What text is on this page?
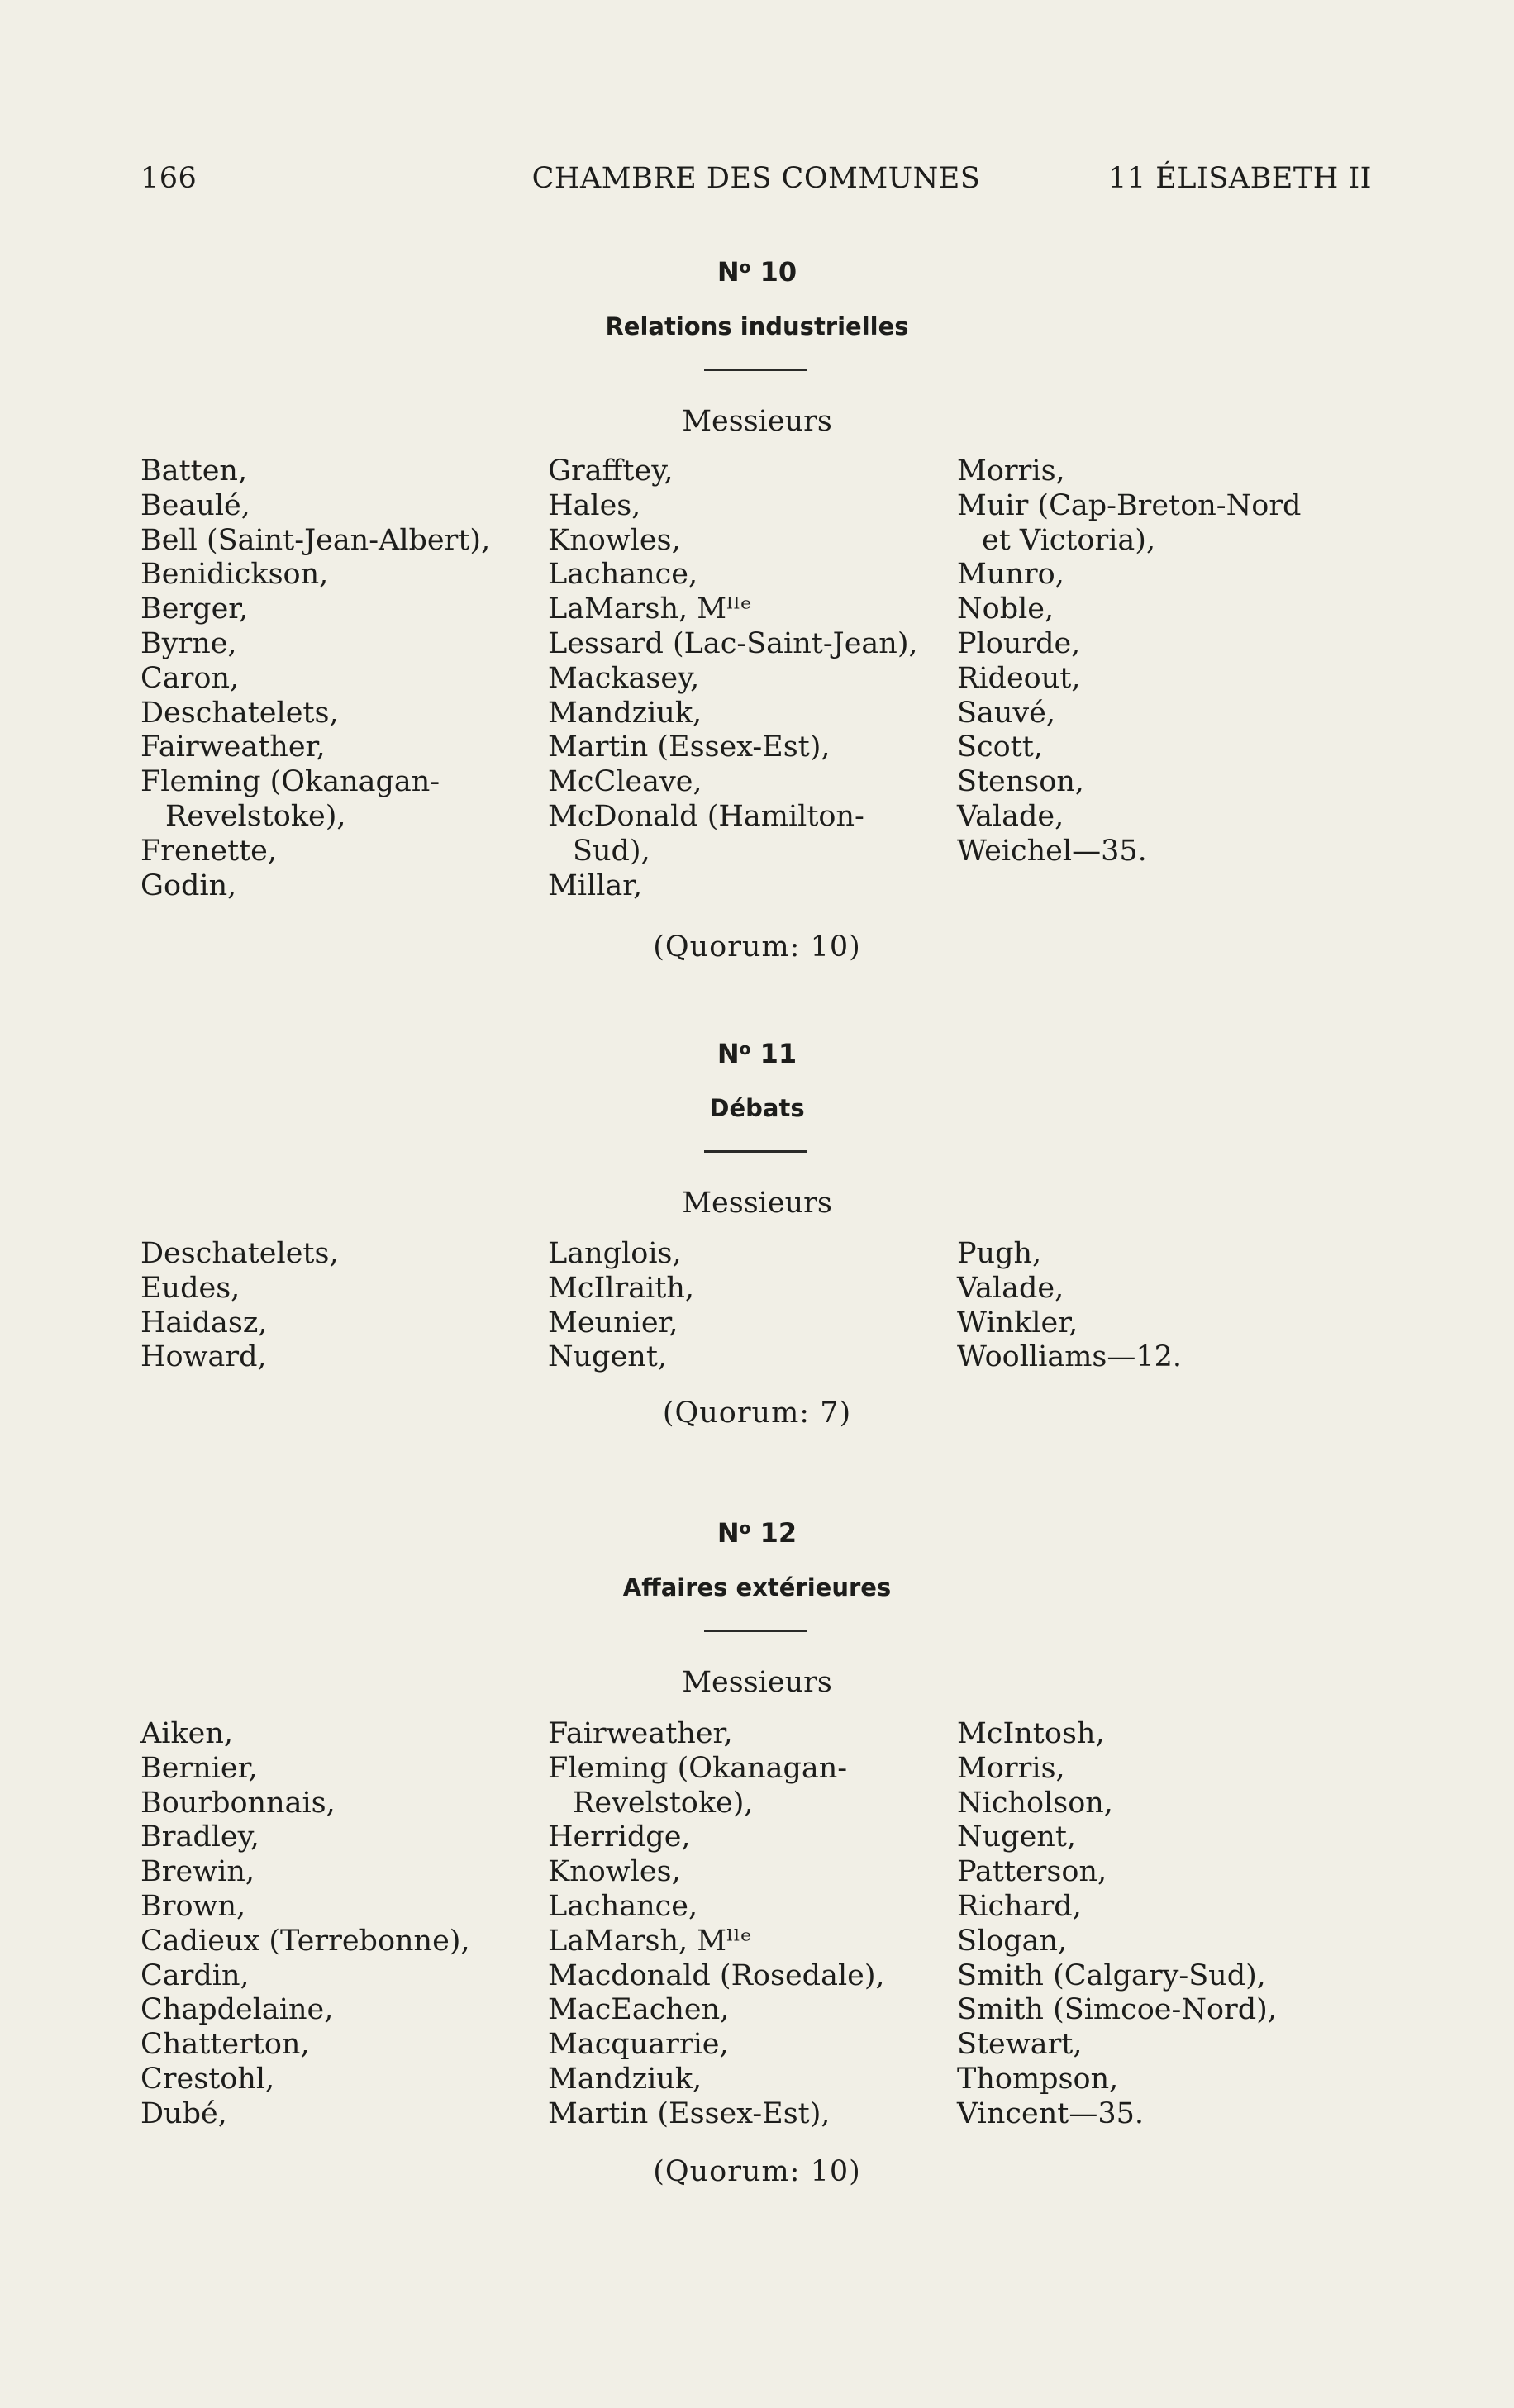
166	CHAMBRE DES COMMUNES	11 ÉLISABETH II
$N^o$ 10
Relations industrielles
Messieurs
Batten,
Beaulé,
Bell (Saint-Jean-Albert),
Benidickson,
Berger,
Byrne,
Caron,
Deschatelets,
Fairweather,
Fleming (Okanagan-
Revelstoke),
Frenette,
Godin,
Grafftey,
Hales,
Knowles,
Lachance,
LaMarsh, Mˡˡᵉ
Lessard (Lac-Saint-Jean),
Mackasey,
Mandziuk,
Martin (Essex-Est),
McCleave,
McDonald (Hamilton-
Sud),
Millar,
Morris,
Muir (Cap-Breton-Nord
et Victoria),
Munro,
Noble,
Plourde,
Rideout,
Sauvé,
Scott,
Stenson,
Valade,
Weichel—35.
(Quorum: 10)
$N^o$ 11
Débats
Messieurs
Deschatelets,
Eudes,
Haidasz,
Howard,
Langlois,
McIlraith,
Meunier,
Nugent,
Pugh,
Valade,
Winkler,
Woolliams—12.
(Quorum: 7)
$N^o$ 12
Affaires extérieures
Messieurs
Aiken,
Bernier,
Bourbonnais,
Bradley,
Brewin,
Brown,
Cadieux (Terrebonne),
Cardin,
Chapdelaine,
Chatterton,
Crestohl,
Dubé,
Fairweather,
Fleming (Okanagan-
Revelstoke),
Herridge,
Knowles,
Lachance,
LaMarsh, Mˡˡᵉ
Macdonald (Rosedale),
MacEachen,
Macquarrie,
Mandziuk,
Martin (Essex-Est),
McIntosh,
Morris,
Nicholson,
Nugent,
Patterson,
Richard,
Slogan,
Smith (Calgary-Sud),
Smith (Simcoe-Nord),
Stewart,
Thompson,
Vincent—35.
(Quorum: 10)
